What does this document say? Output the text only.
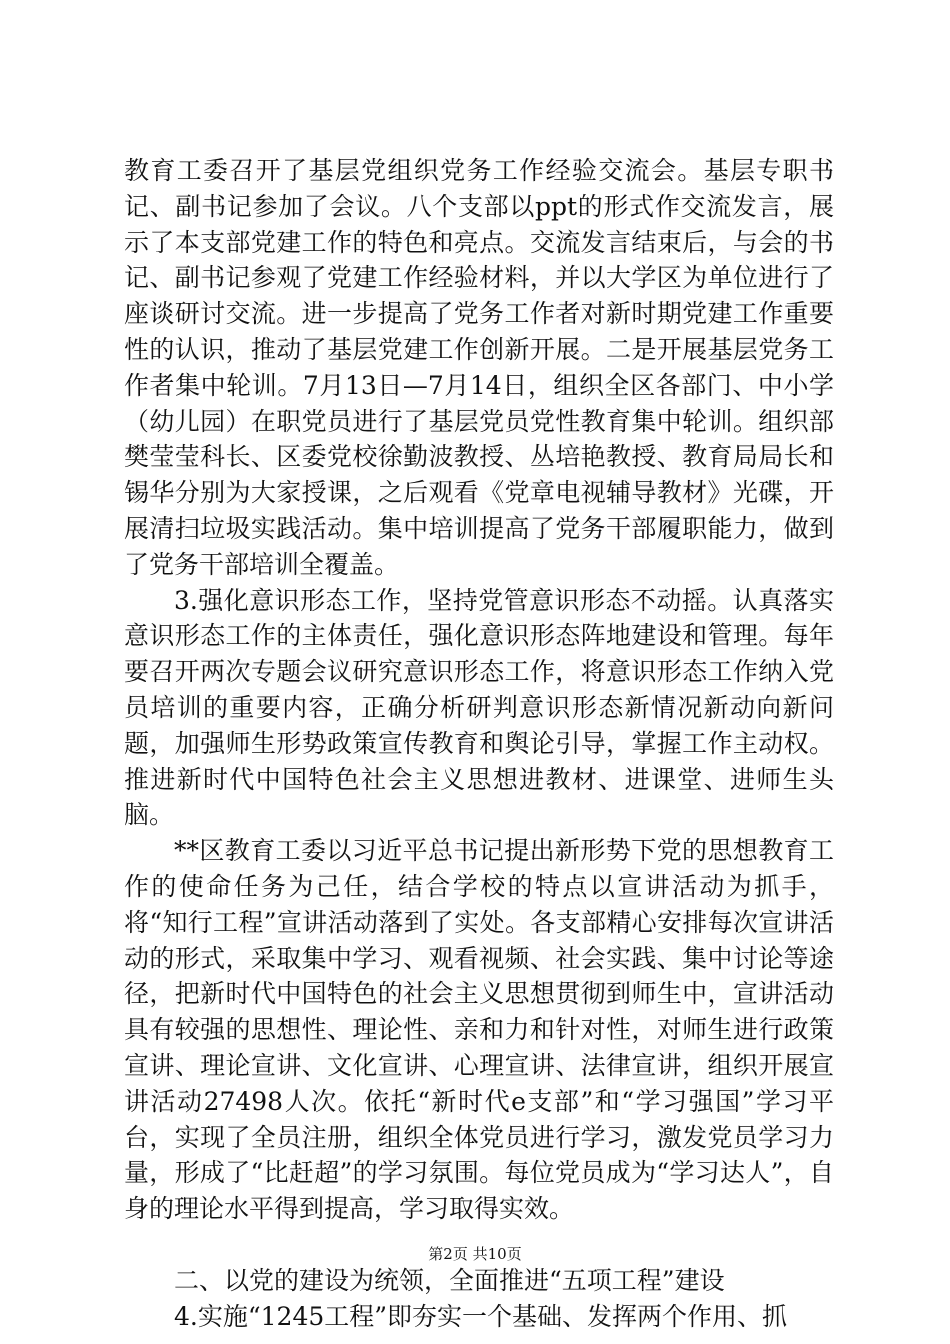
教育工委召开了基层党组织党务工作经验交流会。基层专职书记、副书记参加了会议。八个支部以ppt的形式作交流发言，展示了本支部党建工作的特色和亮点。交流发言结束后，与会的书记、副书记参观了党建工作经验材料，并以大学区为单位进行了座谈研讨交流。进一步提高了党务工作者对新时期党建工作重要性的认识，推动了基层党建工作创新开展。二是开展基层党务工作者集中轮训。7月13日—7月14日，组织全区各部门、中小学（幼儿园）在职党员进行了基层党员党性教育集中轮训。组织部樊莹莹科长、区委党校徐勤波教授、丛培艳教授、教育局局长和锡华分别为大家授课，之后观看《党章电视辅导教材》光碟，开展清扫垃圾实践活动。集中培训提高了党务干部履职能力，做到了党务干部培训全覆盖。

3.强化意识形态工作，坚持党管意识形态不动摇。认真落实意识形态工作的主体责任，强化意识形态阵地建设和管理。每年要召开两次专题会议研究意识形态工作，将意识形态工作纳入党员培训的重要内容，正确分析研判意识形态新情况新动向新问题，加强师生形势政策宣传教育和舆论引导，掌握工作主动权。推进新时代中国特色社会主义思想进教材、进课堂、进师生头脑。

**区教育工委以习近平总书记提出新形势下党的思想教育工作的使命任务为己任，结合学校的特点以宣讲活动为抓手，将“知行工程”宣讲活动落到了实处。各支部精心安排每次宣讲活动的形式，采取集中学习、观看视频、社会实践、集中讨论等途径，把新时代中国特色的社会主义思想贯彻到师生中，宣讲活动具有较强的思想性、理论性、亲和力和针对性，对师生进行政策宣讲、理论宣讲、文化宣讲、心理宣讲、法律宣讲，组织开展宣讲活动27498人次。依托“新时代e支部”和“学习强国”学习平台，实现了全员注册，组织全体党员进行学习，激发党员学习力量，形成了“比赶超”的学习氛围。每位党员成为“学习达人”，自身的理论水平得到提高，学习取得实效。

二、以党的建设为统领，全面推进“五项工程”建设

4.实施“1245工程”即夯实一个基础、发挥两个作用、抓

第2页 共10页
